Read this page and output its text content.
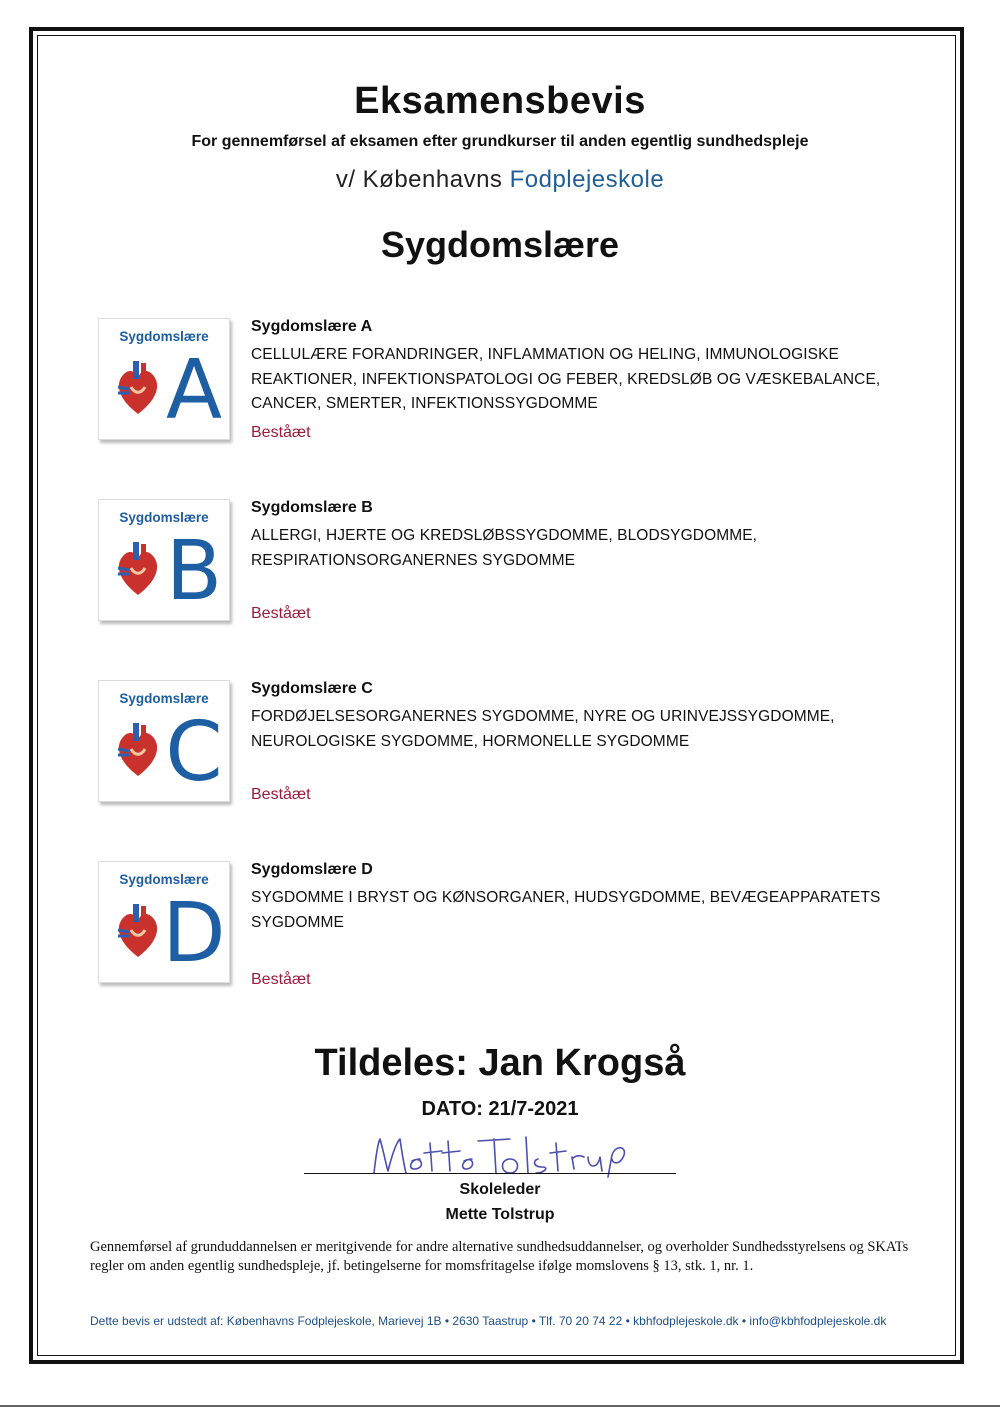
Eksamensbevis
For gennemførsel af eksamen efter grundkurser til anden egentlig sundhedspleje
v/ Københavns Fodplejeskole
Sygdomslære
Sygdomslære
A
Sygdomslære A
CELLULÆRE FORANDRINGER, INFLAMMATION OG HELING, IMMUNOLOGISKE REAKTIONER, INFEKTIONSPATOLOGI OG FEBER, KREDSLØB OG VÆSKEBALANCE, CANCER, SMERTER, INFEKTIONSSYGDOMME
Beståæt
Sygdomslære
B
Sygdomslære B
ALLERGI, HJERTE OG KREDSLØBSSYGDOMME, BLODSYGDOMME, RESPIRATIONSORGANERNES SYGDOMME
Beståæt
Sygdomslære
C
Sygdomslære C
FORDØJELSESORGANERNES SYGDOMME, NYRE OG URINVEJSSYGDOMME, NEUROLOGISKE SYGDOMME, HORMONELLE SYGDOMME
Beståæt
Sygdomslære
D
Sygdomslære D
SYGDOMME I BRYST OG KØNSORGANER, HUDSYGDOMME, BEVÆGEAPPARATETS SYGDOMME
Beståæt
Tildeles: Jan Krogså
DATO: 21/7-2021
Skoleleder
Mette Tolstrup
Gennemførsel af grunduddannelsen er meritgivende for andre alternative sundhedsuddannelser, og overholder Sundhedsstyrelsens og SKATs regler om anden egentlig sundhedspleje, jf. betingelserne for momsfritagelse ifølge momslovens § 13, stk. 1, nr. 1.
Dette bevis er udstedt af: Københavns Fodplejeskole, Marievej 1B • 2630 Taastrup • Tlf. 70 20 74 22 • kbhfodplejeskole.dk • info@kbhfodplejeskole.dk
